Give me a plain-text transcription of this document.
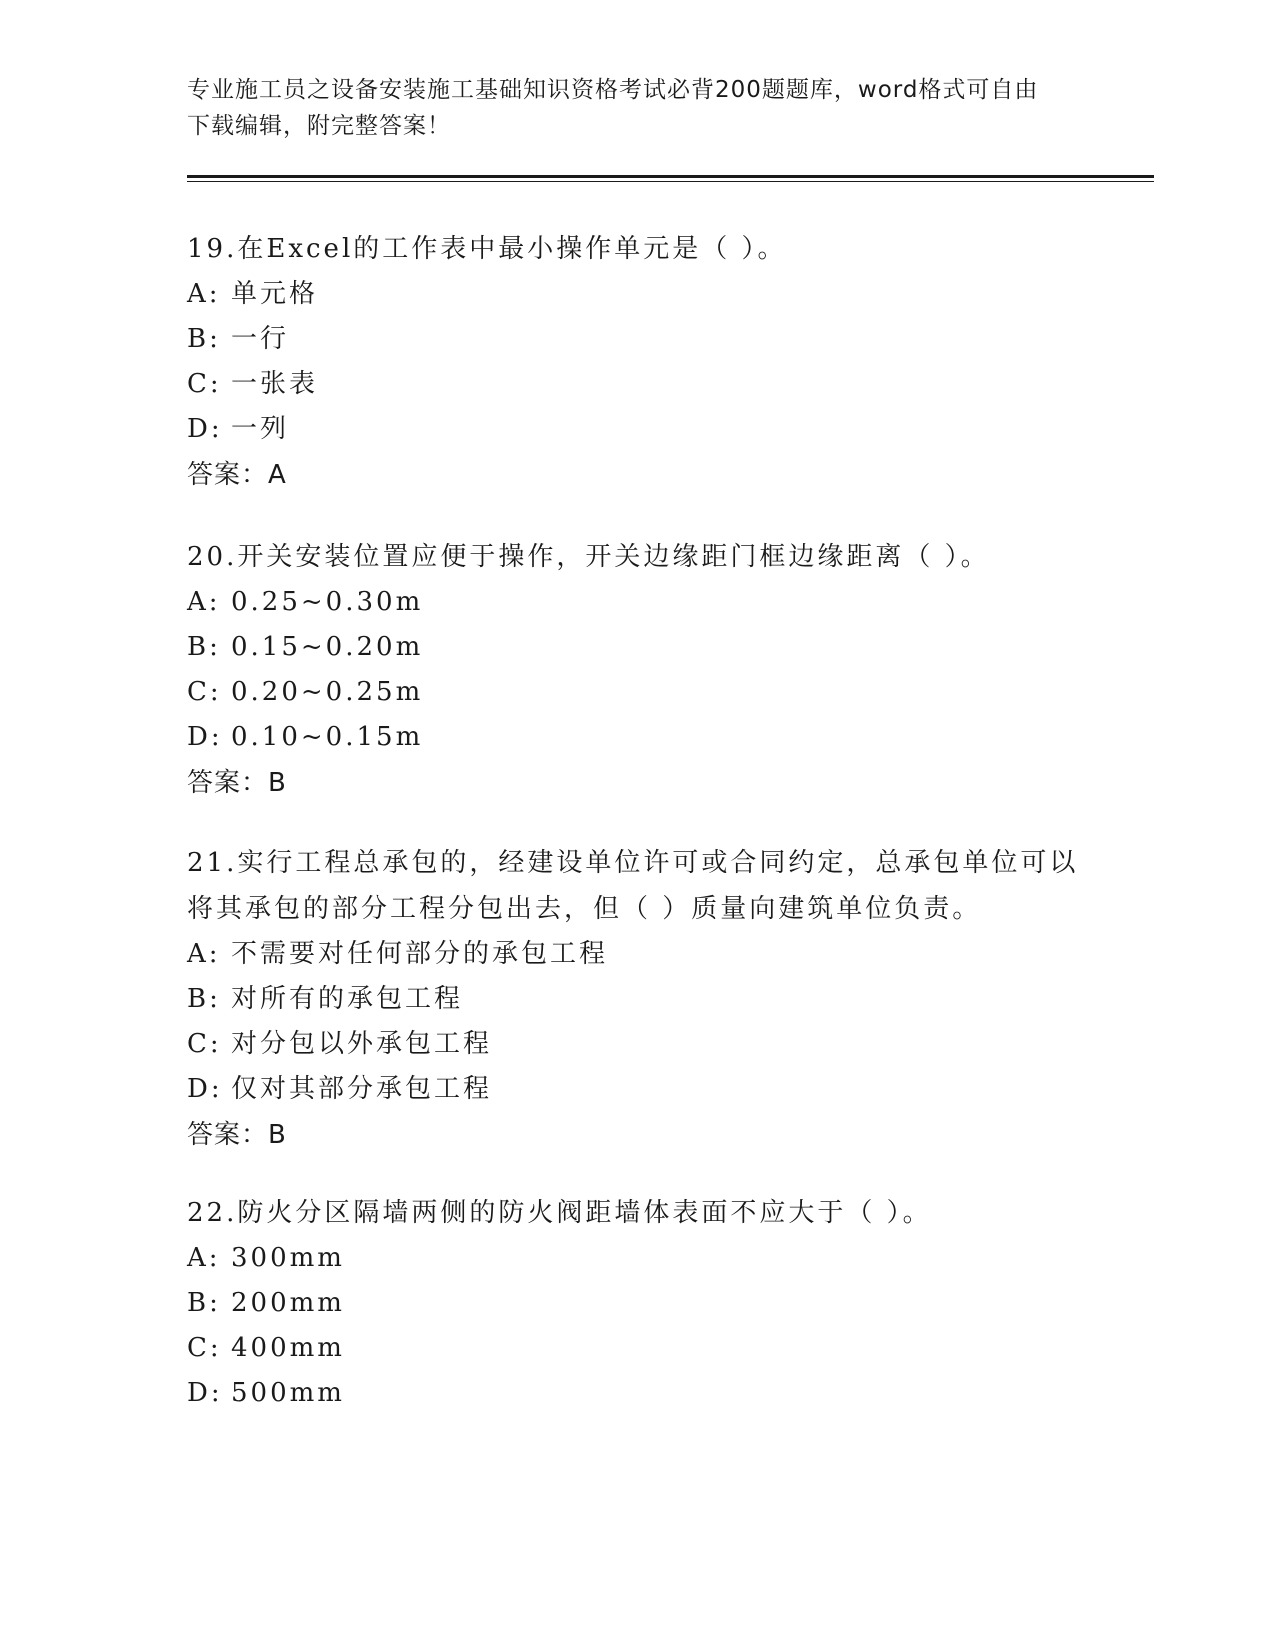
专业施工员之设备安装施工基础知识资格考试必背200题题库，word格式可自由
下载编辑，附完整答案！

19.在Excel的工作表中最小操作单元是（ ）。

A: 单元格

B: 一行

C: 一张表

D: 一列

答案：A

20.开关安装位置应便于操作，开关边缘距门框边缘距离（ ）。

A: 0.25~0.30m

B: 0.15~0.20m

C: 0.20~0.25m

D: 0.10~0.15m

答案：B

21.实行工程总承包的，经建设单位许可或合同约定，总承包单位可以

将其承包的部分工程分包出去，但（ ）质量向建筑单位负责。

A: 不需要对任何部分的承包工程

B: 对所有的承包工程

C: 对分包以外承包工程

D: 仅对其部分承包工程

答案：B

22.防火分区隔墙两侧的防火阀距墙体表面不应大于（ ）。

A: 300mm

B: 200mm

C: 400mm

D: 500mm
